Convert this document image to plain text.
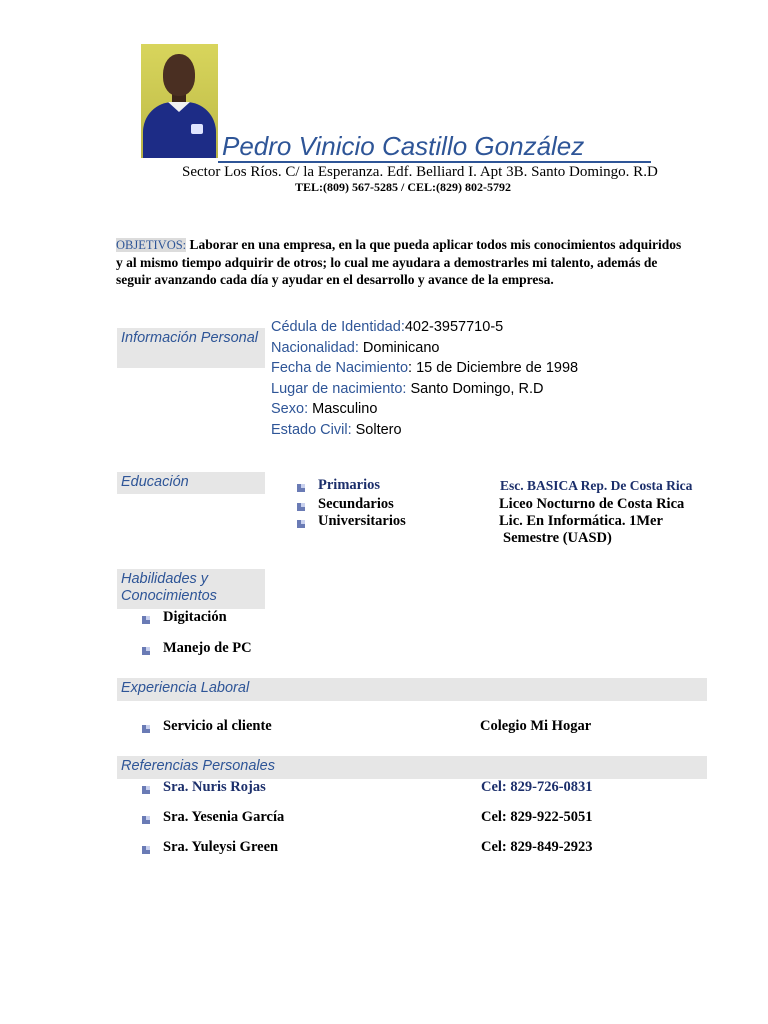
Pedro Vinicio Castillo González
Sector Los Ríos. C/ la Esperanza. Edf. Belliard I. Apt 3B. Santo Domingo. R.D
TEL:(809) 567-5285 / CEL:(829) 802-5792
OBJETIVOS: Laborar en una empresa, en la que pueda aplicar todos mis conocimientos adquiridos y al mismo tiempo adquirir de otros; lo cual me ayudara a demostrarles mi talento, además de seguir avanzando cada día y ayudar en el desarrollo y avance de la empresa.
Información Personal
Cédula de Identidad:402-3957710-5
Nacionalidad: Dominicano
Fecha de Nacimiento: 15 de Diciembre de 1998
Lugar de nacimiento: Santo Domingo, R.D
Sexo: Masculino
Estado Civil: Soltero
Educación	Primarios	Esc. BASICA Rep. De Costa Rica
Secundarios	Liceo Nocturno de Costa Rica
Universitarios	Lic. En Informática. 1Mer
Semestre (UASD)
Habilidades y Conocimientos
Digitación
Manejo de PC
Experiencia Laboral
Servicio al cliente	Colegio Mi Hogar
Referencias Personales
Sra. Nuris Rojas	Cel: 829-726-0831
Sra. Yesenia García	Cel: 829-922-5051
Sra. Yuleysi Green	Cel: 829-849-2923
